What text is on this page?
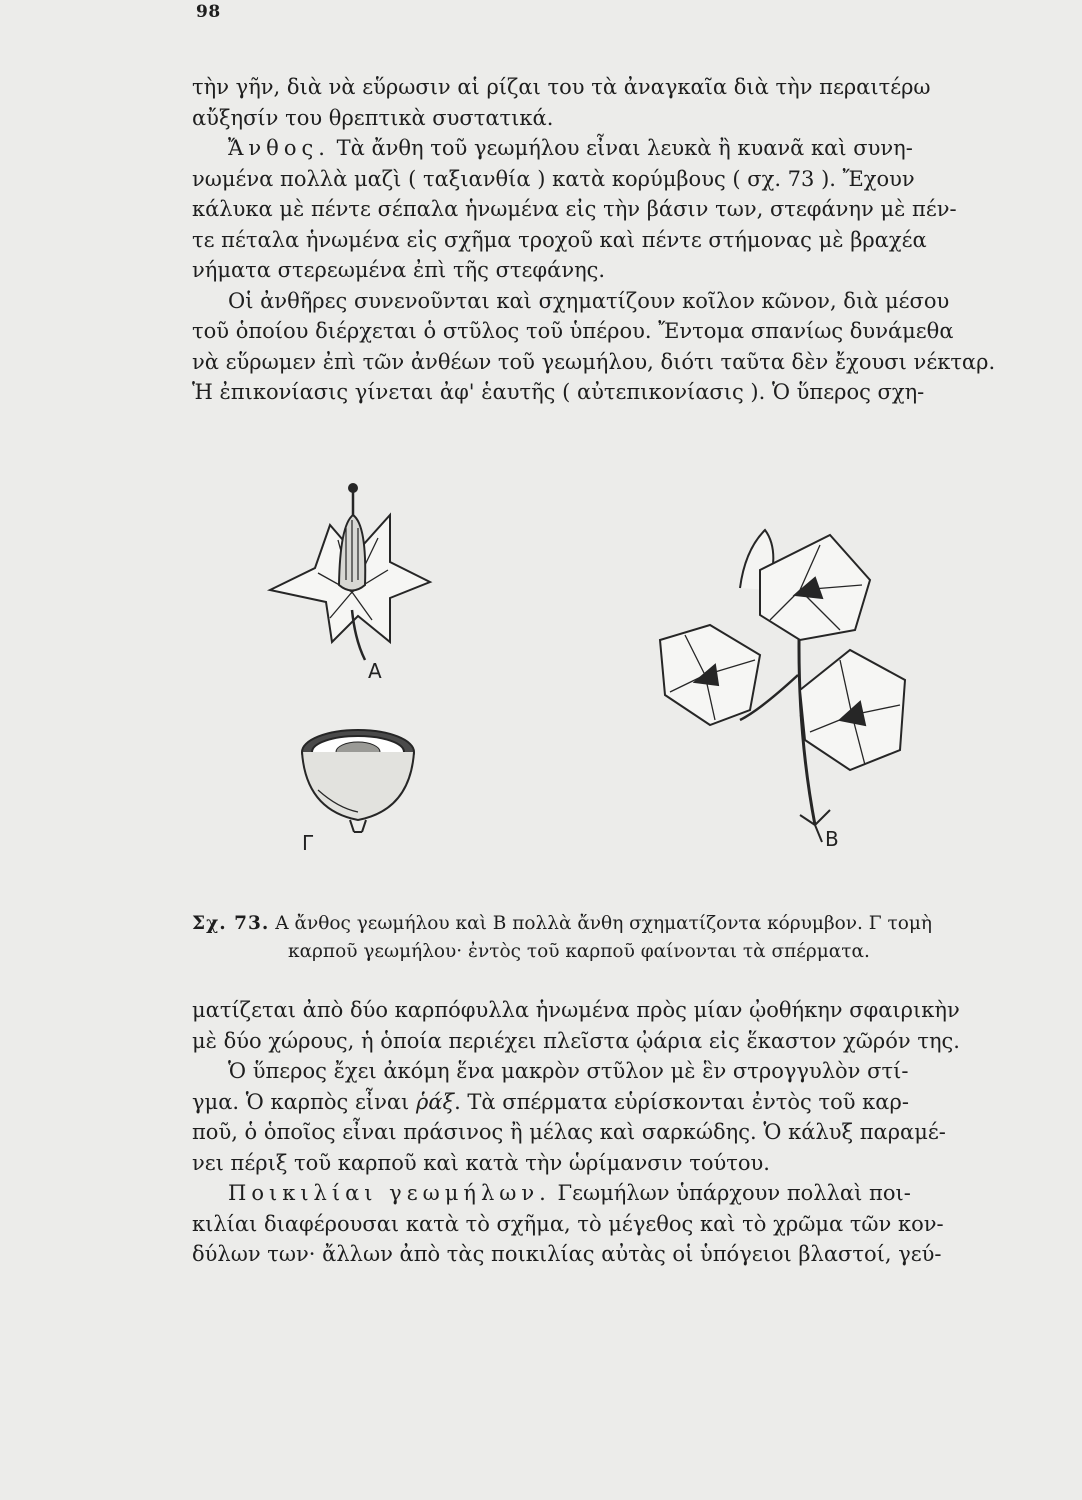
98
τὴν γῆν, διὰ νὰ εὕρωσιν αἱ ρίζαι του τὰ ἀναγκαῖα διὰ τὴν περαιτέρω
αὔξησίν του θρεπτικὰ συστατικά.
Ἄνθος. Τὰ ἄνθη τοῦ γεωμήλου εἶναι λευκὰ ἢ κυανᾶ καὶ συνη-
νωμένα πολλὰ μαζὶ ( ταξιανθία ) κατὰ κορύμβους ( σχ. 73 ). Ἔχουν
κάλυκα μὲ πέντε σέπαλα ἡνωμένα εἰς τὴν βάσιν των, στεφάνην μὲ πέν-
τε πέταλα ἡνωμένα εἰς σχῆμα τροχοῦ καὶ πέντε στήμονας μὲ βραχέα
νήματα στερεωμένα ἐπὶ τῆς στεφάνης.
Οἱ ἀνθῆρες συνενοῦνται καὶ σχηματίζουν κοῖλον κῶνον, διὰ μέσου
τοῦ ὁποίου διέρχεται ὁ στῦλος τοῦ ὑπέρου. Ἔντομα σπανίως δυνάμεθα
νὰ εὕρωμεν ἐπὶ τῶν ἀνθέων τοῦ γεωμήλου, διότι ταῦτα δὲν ἔχουσι νέκταρ.
Ἡ ἐπικονίασις γίνεται ἀφ' ἑαυτῆς ( αὐτεπικονίασις ). Ὁ ὕπερος σχη-
Α
Γ	Β
Σχ. 73. Α ἄνθος γεωμήλου καὶ Β πολλὰ ἄνθη σχηματίζοντα κόρυμβον. Γ τομὴ
καρποῦ γεωμήλου· ἐντὸς τοῦ καρποῦ φαίνονται τὰ σπέρματα.
ματίζεται ἀπὸ δύο καρπόφυλλα ἡνωμένα πρὸς μίαν ᾠοθήκην σφαιρικὴν
μὲ δύο χώρους, ἡ ὁποία περιέχει πλεῖστα ᾠάρια εἰς ἕκαστον χῶρόν της.
Ὁ ὕπερος ἔχει ἀκόμη ἕνα μακρὸν στῦλον μὲ ἓν στρογγυλὸν στί-
γμα. Ὁ καρπὸς εἶναι ῥάξ. Τὰ σπέρματα εὑρίσκονται ἐντὸς τοῦ καρ-
ποῦ, ὁ ὁποῖος εἶναι πράσινος ἢ μέλας καὶ σαρκώδης. Ὁ κάλυξ παραμέ-
νει πέριξ τοῦ καρποῦ καὶ κατὰ τὴν ὡρίμανσιν τούτου.
Ποικιλίαι γεωμήλων. Γεωμήλων ὑπάρχουν πολλαὶ ποι-
κιλίαι διαφέρουσαι κατὰ τὸ σχῆμα, τὸ μέγεθος καὶ τὸ χρῶμα τῶν κον-
δύλων των· ἄλλων ἀπὸ τὰς ποικιλίας αὐτὰς οἱ ὑπόγειοι βλαστοί, γεύ-
